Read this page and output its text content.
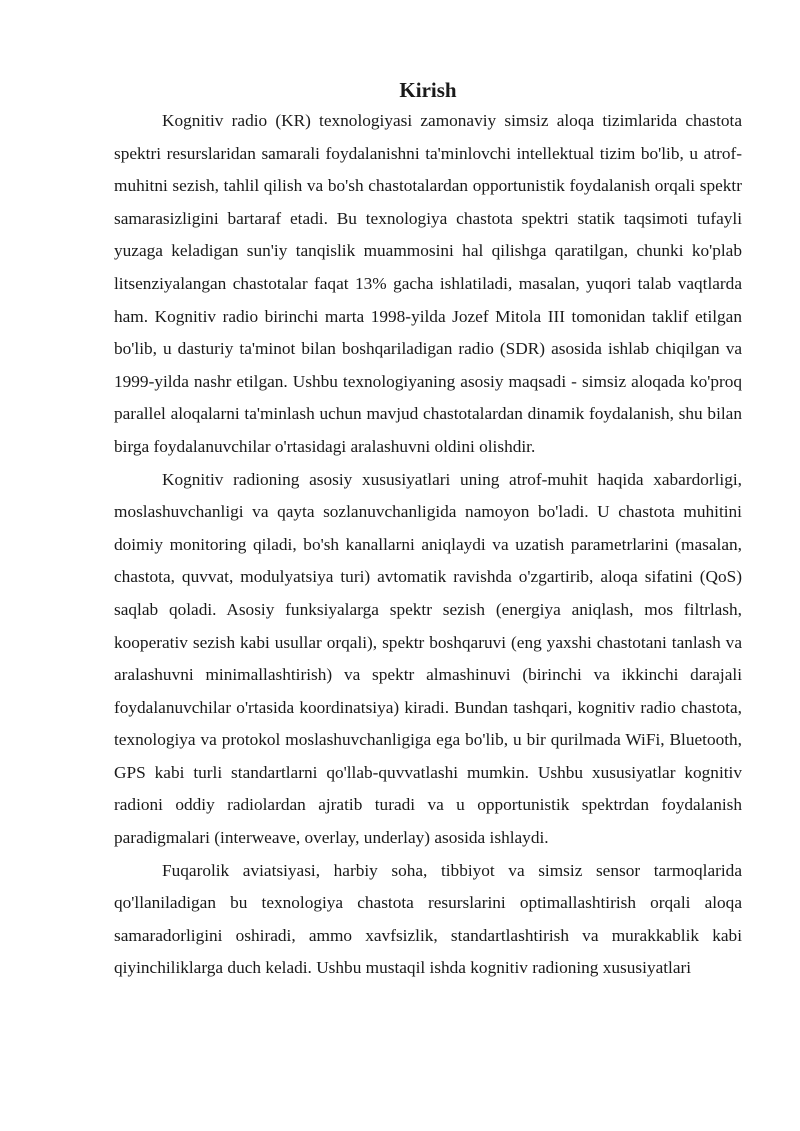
Kirish

Kognitiv radio (KR) texnologiyasi zamonaviy simsiz aloqa tizimlarida chastota spektri resurslaridan samarali foydalanishni ta'minlovchi intellektual tizim bo'lib, u atrof-muhitni sezish, tahlil qilish va bo'sh chastotalardan opportunistik foydalanish orqali spektr samarasizligini bartaraf etadi. Bu texnologiya chastota spektri statik taqsimoti tufayli yuzaga keladigan sun'iy tanqislik muammosini hal qilishga qaratilgan, chunki ko'plab litsenziyalangan chastotalar faqat 13% gacha ishlatiladi, masalan, yuqori talab vaqtlarda ham. Kognitiv radio birinchi marta 1998-yilda Jozef Mitola III tomonidan taklif etilgan bo'lib, u dasturiy ta'minot bilan boshqariladigan radio (SDR) asosida ishlab chiqilgan va 1999-yilda nashr etilgan. Ushbu texnologiyaning asosiy maqsadi - simsiz aloqada ko'proq parallel aloqalarni ta'minlash uchun mavjud chastotalardan dinamik foydalanish, shu bilan birga foydalanuvchilar o'rtasidagi aralashuvni oldini olishdir.

Kognitiv radioning asosiy xususiyatlari uning atrof-muhit haqida xabardorligi, moslashuvchanligi va qayta sozlanuvchanligida namoyon bo'ladi. U chastota muhitini doimiy monitoring qiladi, bo'sh kanallarni aniqlaydi va uzatish parametrlarini (masalan, chastota, quvvat, modulyatsiya turi) avtomatik ravishda o'zgartirib, aloqa sifatini (QoS) saqlab qoladi. Asosiy funksiyalarga spektr sezish (energiya aniqlash, mos filtrlash, kooperativ sezish kabi usullar orqali), spektr boshqaruvi (eng yaxshi chastotani tanlash va aralashuvni minimallashtirish) va spektr almashinuvi (birinchi va ikkinchi darajali foydalanuvchilar o'rtasida koordinatsiya) kiradi. Bundan tashqari, kognitiv radio chastota, texnologiya va protokol moslashuvchanligiga ega bo'lib, u bir qurilmada WiFi, Bluetooth, GPS kabi turli standartlarni qo'llab-quvvatlashi mumkin. Ushbu xususiyatlar kognitiv radioni oddiy radiolardan ajratib turadi va u opportunistik spektrdan foydalanish paradigmalari (interweave, overlay, underlay) asosida ishlaydi.

Fuqarolik aviatsiyasi, harbiy soha, tibbiyot va simsiz sensor tarmoqlarida qo'llaniladigan bu texnologiya chastota resurslarini optimallashtirish orqali aloqa samaradorligini oshiradi, ammo xavfsizlik, standartlashtirish va murakkablik kabi qiyinchiliklarga duch keladi. Ushbu mustaqil ishda kognitiv radioning xususiyatlari
